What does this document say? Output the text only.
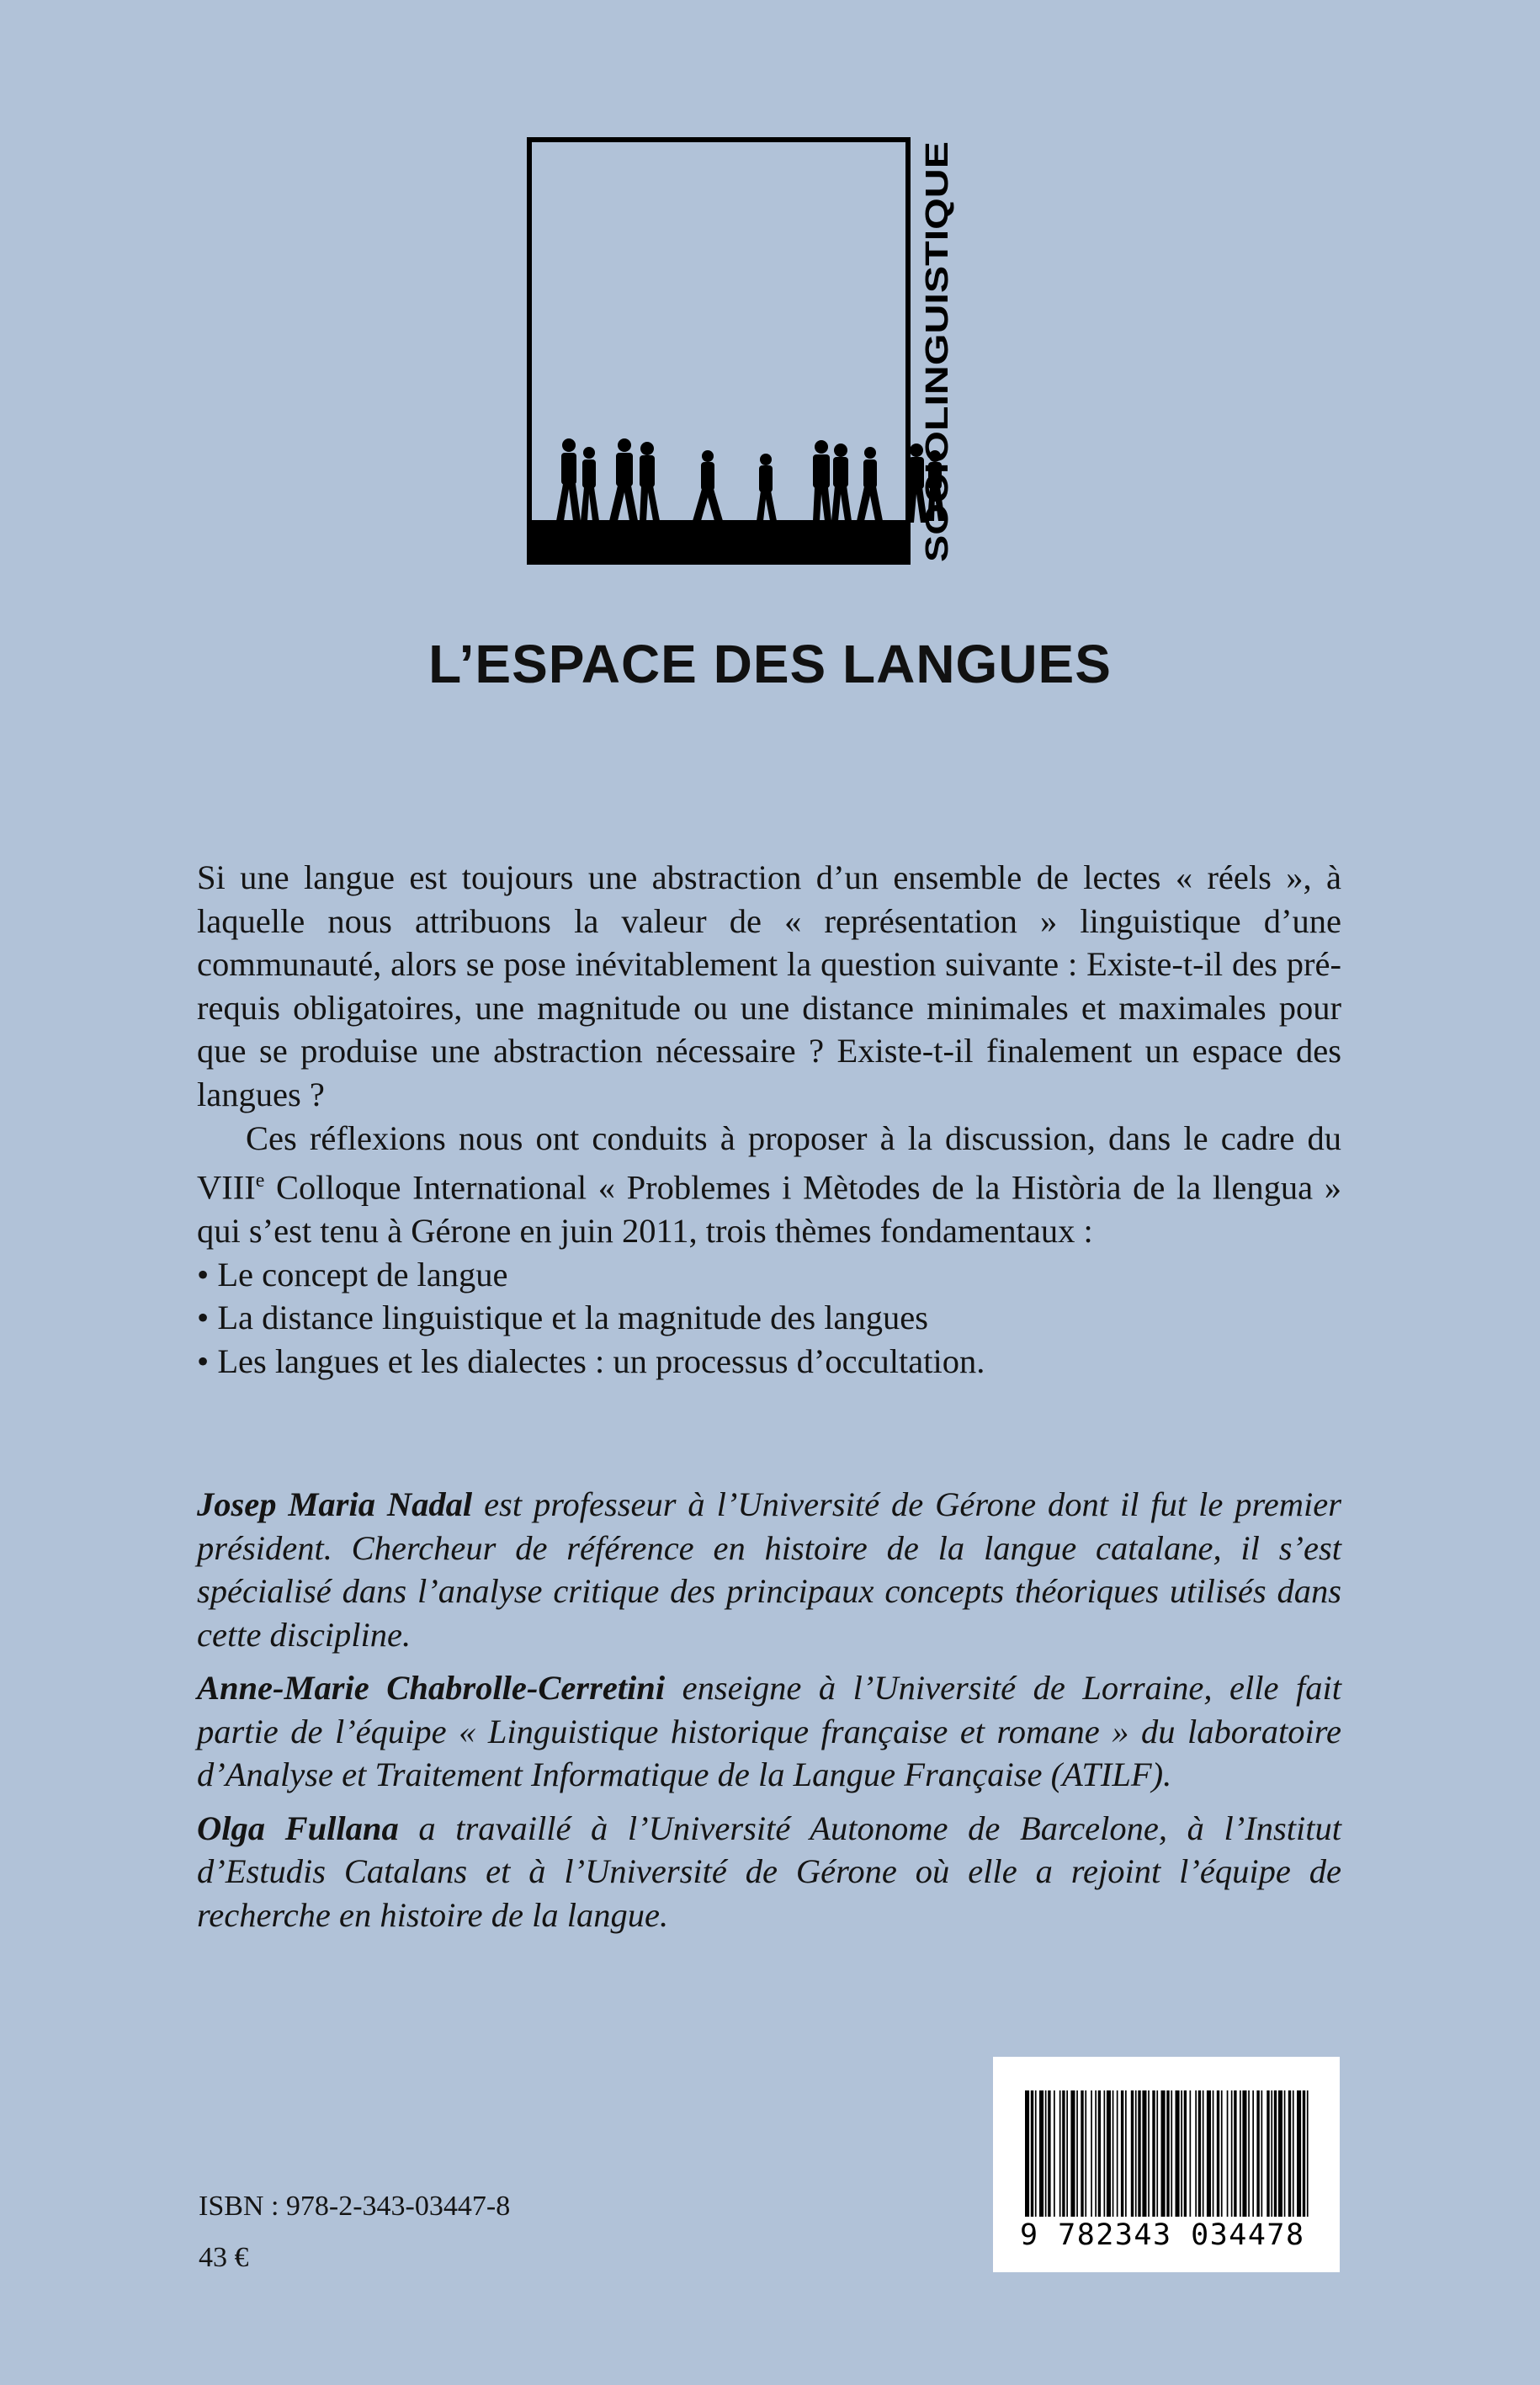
SOCIOLINGUISTIQUE
L’ESPACE DES LANGUES

Si une langue est toujours une abstraction d’un ensemble de lectes « réels », à laquelle nous attribuons la valeur de « représentation » linguistique d’une communauté, alors se pose inévitablement la question suivante : Existe-t-il des pré-requis obligatoires, une magnitude ou une distance minimales et maximales pour que se produise une abstraction nécessaire ? Existe-t-il finalement un espace des langues ?

Ces réflexions nous ont conduits à proposer à la discussion, dans le cadre du VIIIe Colloque International « Problemes i Mètodes de la Història de la llengua » qui s’est tenu à Gérone en juin 2011, trois thèmes fondamentaux :

• Le concept de langue
• La distance linguistique et la magnitude des langues
• Les langues et les dialectes : un processus d’occultation.

Josep Maria Nadal est professeur à l’Université de Gérone dont il fut le premier président. Chercheur de référence en histoire de la langue catalane, il s’est spécialisé dans l’analyse critique des principaux concepts théoriques utilisés dans cette discipline.

Anne-Marie Chabrolle-Cerretini enseigne à l’Université de Lorraine, elle fait partie de l’équipe « Linguistique historique française et romane » du laboratoire d’Analyse et Traitement Informatique de la Langue Française (ATILF).

Olga Fullana a travaillé à l’Université Autonome de Barcelone, à l’Institut d’Estudis Catalans et à l’Université de Gérone où elle a rejoint l’équipe de recherche en histoire de la langue.

ISBN : 978-2-343-03447-8
43 €
9 782343 034478
